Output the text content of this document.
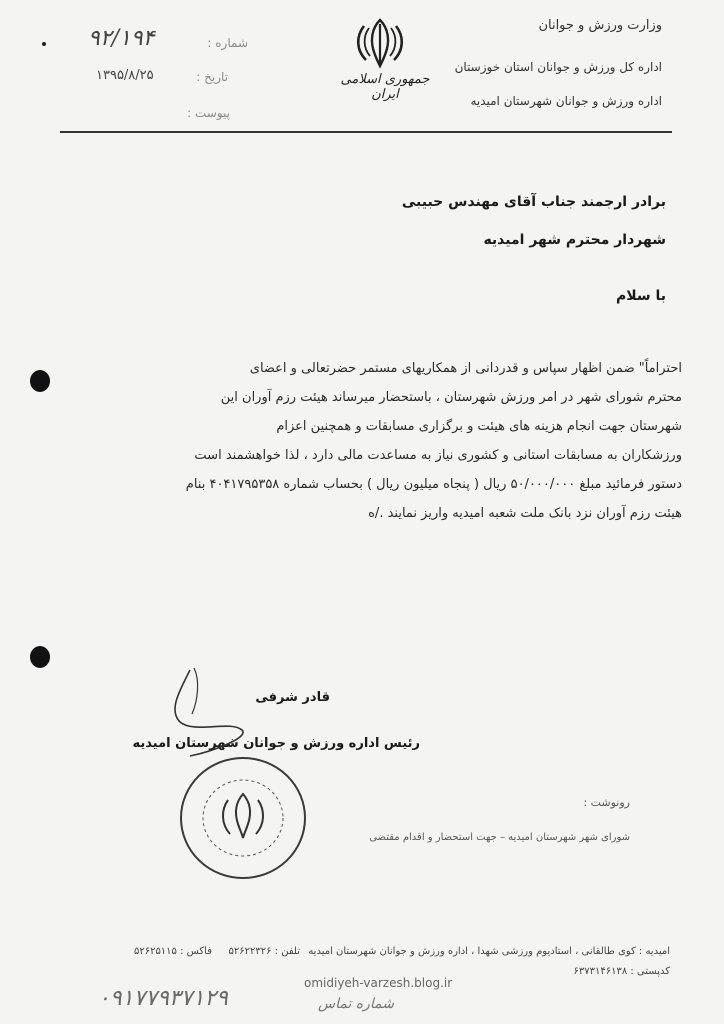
وزارت ورزش و جوانان
اداره کل ورزش و جوانان استان خوزستان
اداره ورزش و جوانان شهرستان امیدیه
جمهوری اسلامی ایران
شماره :
۹۲/۱۹۴
تاریخ :
۱۳۹۵/۸/۲۵
پیوست :
برادر ارجمند جناب آقای مهندس حبیبی
شهردار محترم شهر امیدیه
با سلام
احتراماً" ضمن اظهار سپاس و قدردانی از همکاریهای مستمر حضرتعالی و اعضای
محترم شورای شهر در امر ورزش شهرستان ، باستحضار میرساند هیئت رزم آوران این
شهرستان جهت انجام هزینه های هیئت و برگزاری مسابقات و همچنین اعزام
ورزشکاران به مسابقات استانی و کشوری نیاز به مساعدت مالی دارد ، لذا خواهشمند است
دستور فرمائید مبلغ ۵۰/۰۰۰/۰۰۰ ریال ( پنجاه میلیون ریال ) بحساب شماره ۴۰۴۱۷۹۵۳۵۸ بنام
هیئت رزم آوران نزد بانک ملت شعبه امیدیه واریز نمایند ./ه
قادر شرفی
رئیس اداره ورزش و جوانان شهرستان امیدیه
رونوشت :
شورای شهر شهرستان امیدیه – جهت استحضار و اقدام مقتضی
امیدیه : کوی طالقانی ، استادیوم ورزشی شهدا ، اداره ورزش و جوانان شهرستان امیدیه
کدپستی : ۶۳۷۳۱۴۶۱۳۸
تلفن : ۵۲۶۲۲۳۲۶
فاکس : ۵۲۶۲۵۱۱۵
omidiyeh-varzesh.blog.ir
۰۹۱۷۷۹۳۷۱۲۹	شماره تماس
